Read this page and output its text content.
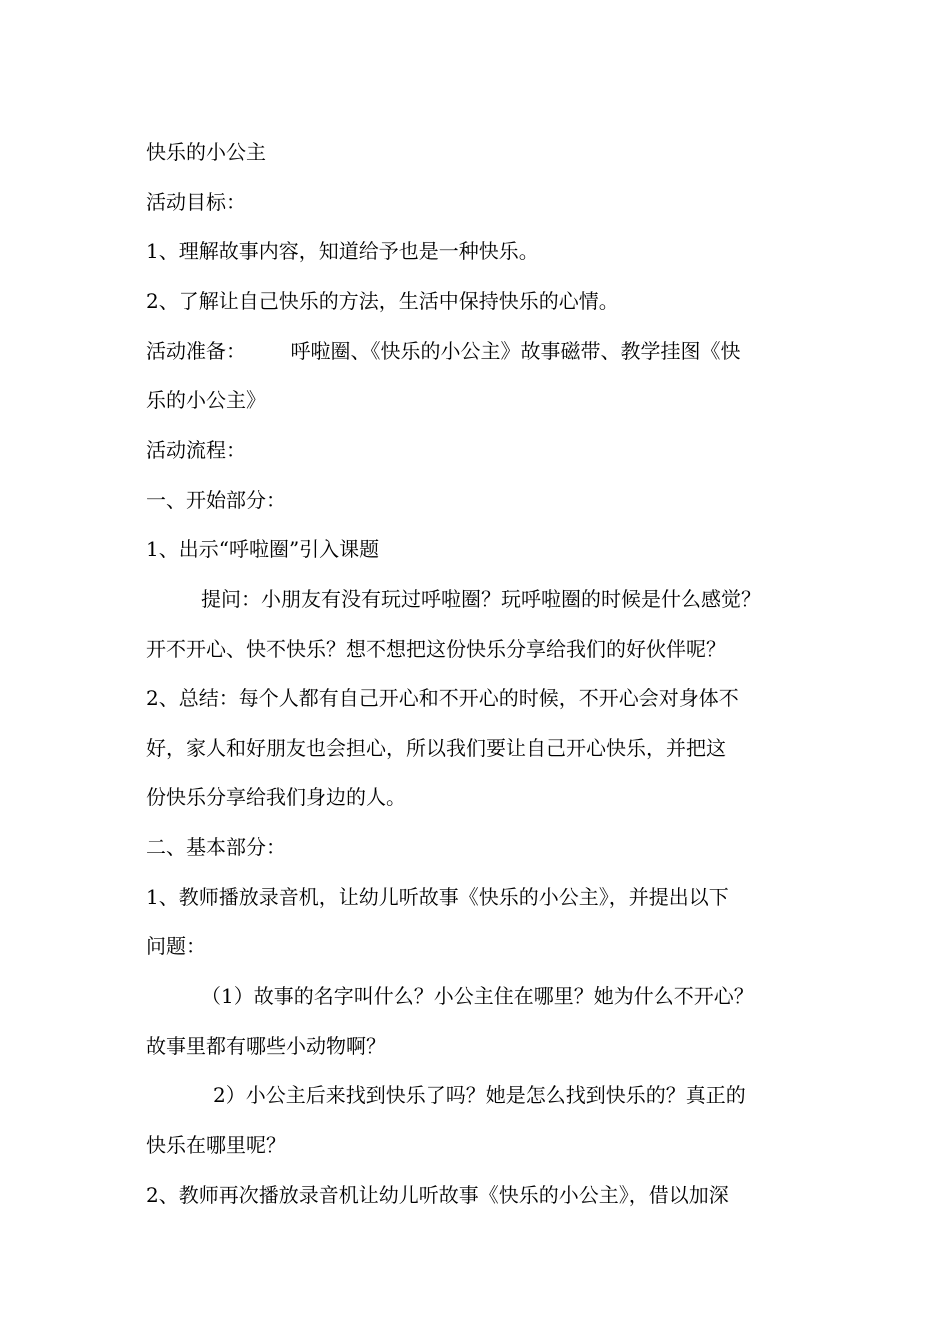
快乐的小公主
活动目标：
1、理解故事内容，知道给予也是一种快乐。
2、了解让自己快乐的方法，生活中保持快乐的心情。
活动准备：       呼啦圈、《快乐的小公主》故事磁带、教学挂图《快
乐的小公主》
活动流程：
一、开始部分：
1、出示“呼啦圈”引入课题
提问：小朋友有没有玩过呼啦圈？玩呼啦圈的时候是什么感觉？
开不开心、快不快乐？想不想把这份快乐分享给我们的好伙伴呢？
2、总结：每个人都有自己开心和不开心的时候，不开心会对身体不
好，家人和好朋友也会担心，所以我们要让自己开心快乐，并把这
份快乐分享给我们身边的人。
二、基本部分：
1、教师播放录音机，让幼儿听故事《快乐的小公主》，并提出以下
问题：
（1）故事的名字叫什么？小公主住在哪里？她为什么不开心？
故事里都有哪些小动物啊？
2）小公主后来找到快乐了吗？她是怎么找到快乐的？真正的
快乐在哪里呢？
2、教师再次播放录音机让幼儿听故事《快乐的小公主》，借以加深
